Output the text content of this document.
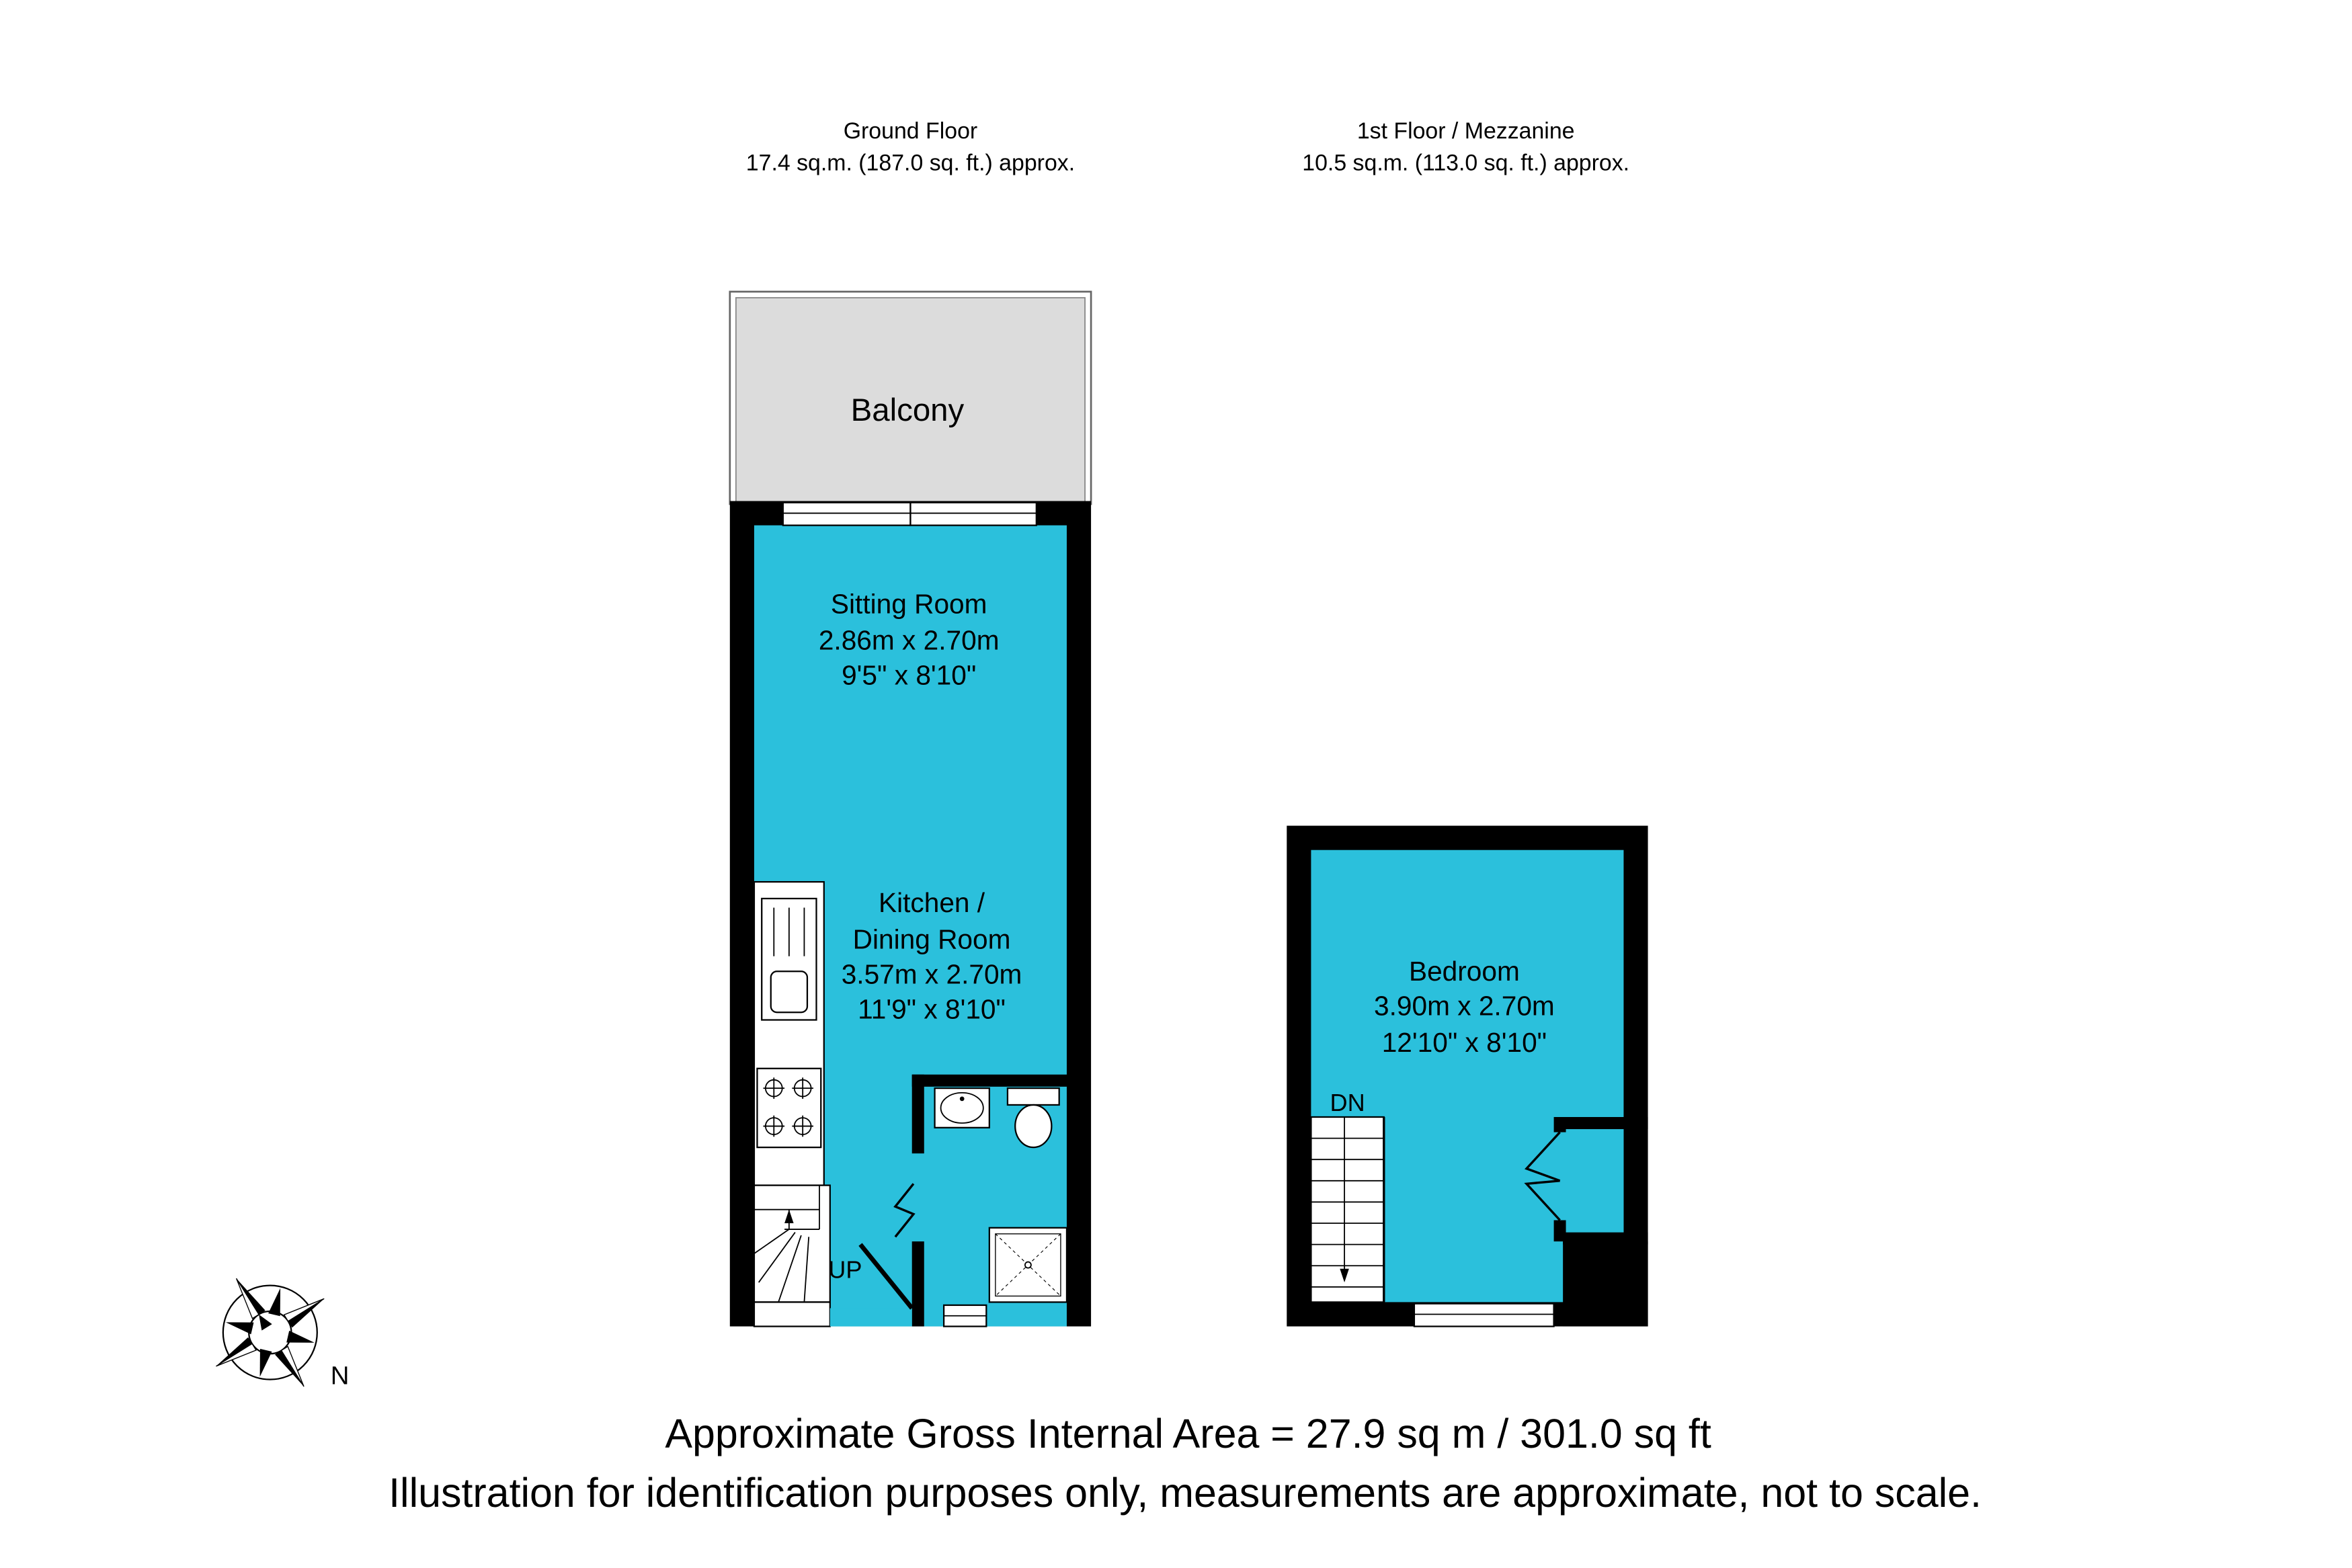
Ground Floor
17.4 sq.m. (187.0 sq. ft.) approx.
1st Floor / Mezzanine
10.5 sq.m. (113.0 sq. ft.) approx.
Balcony
UP
Sitting Room
2.86m x 2.70m
9'5" x 8'10"
Kitchen /
Dining Room
3.57m x 2.70m
11'9" x 8'10"
DN
Bedroom
3.90m x 2.70m
12'10" x 8'10"
N
Approximate Gross Internal Area = 27.9 sq m / 301.0 sq ft
Illustration for identification purposes only, measurements are approximate, not to scale.
